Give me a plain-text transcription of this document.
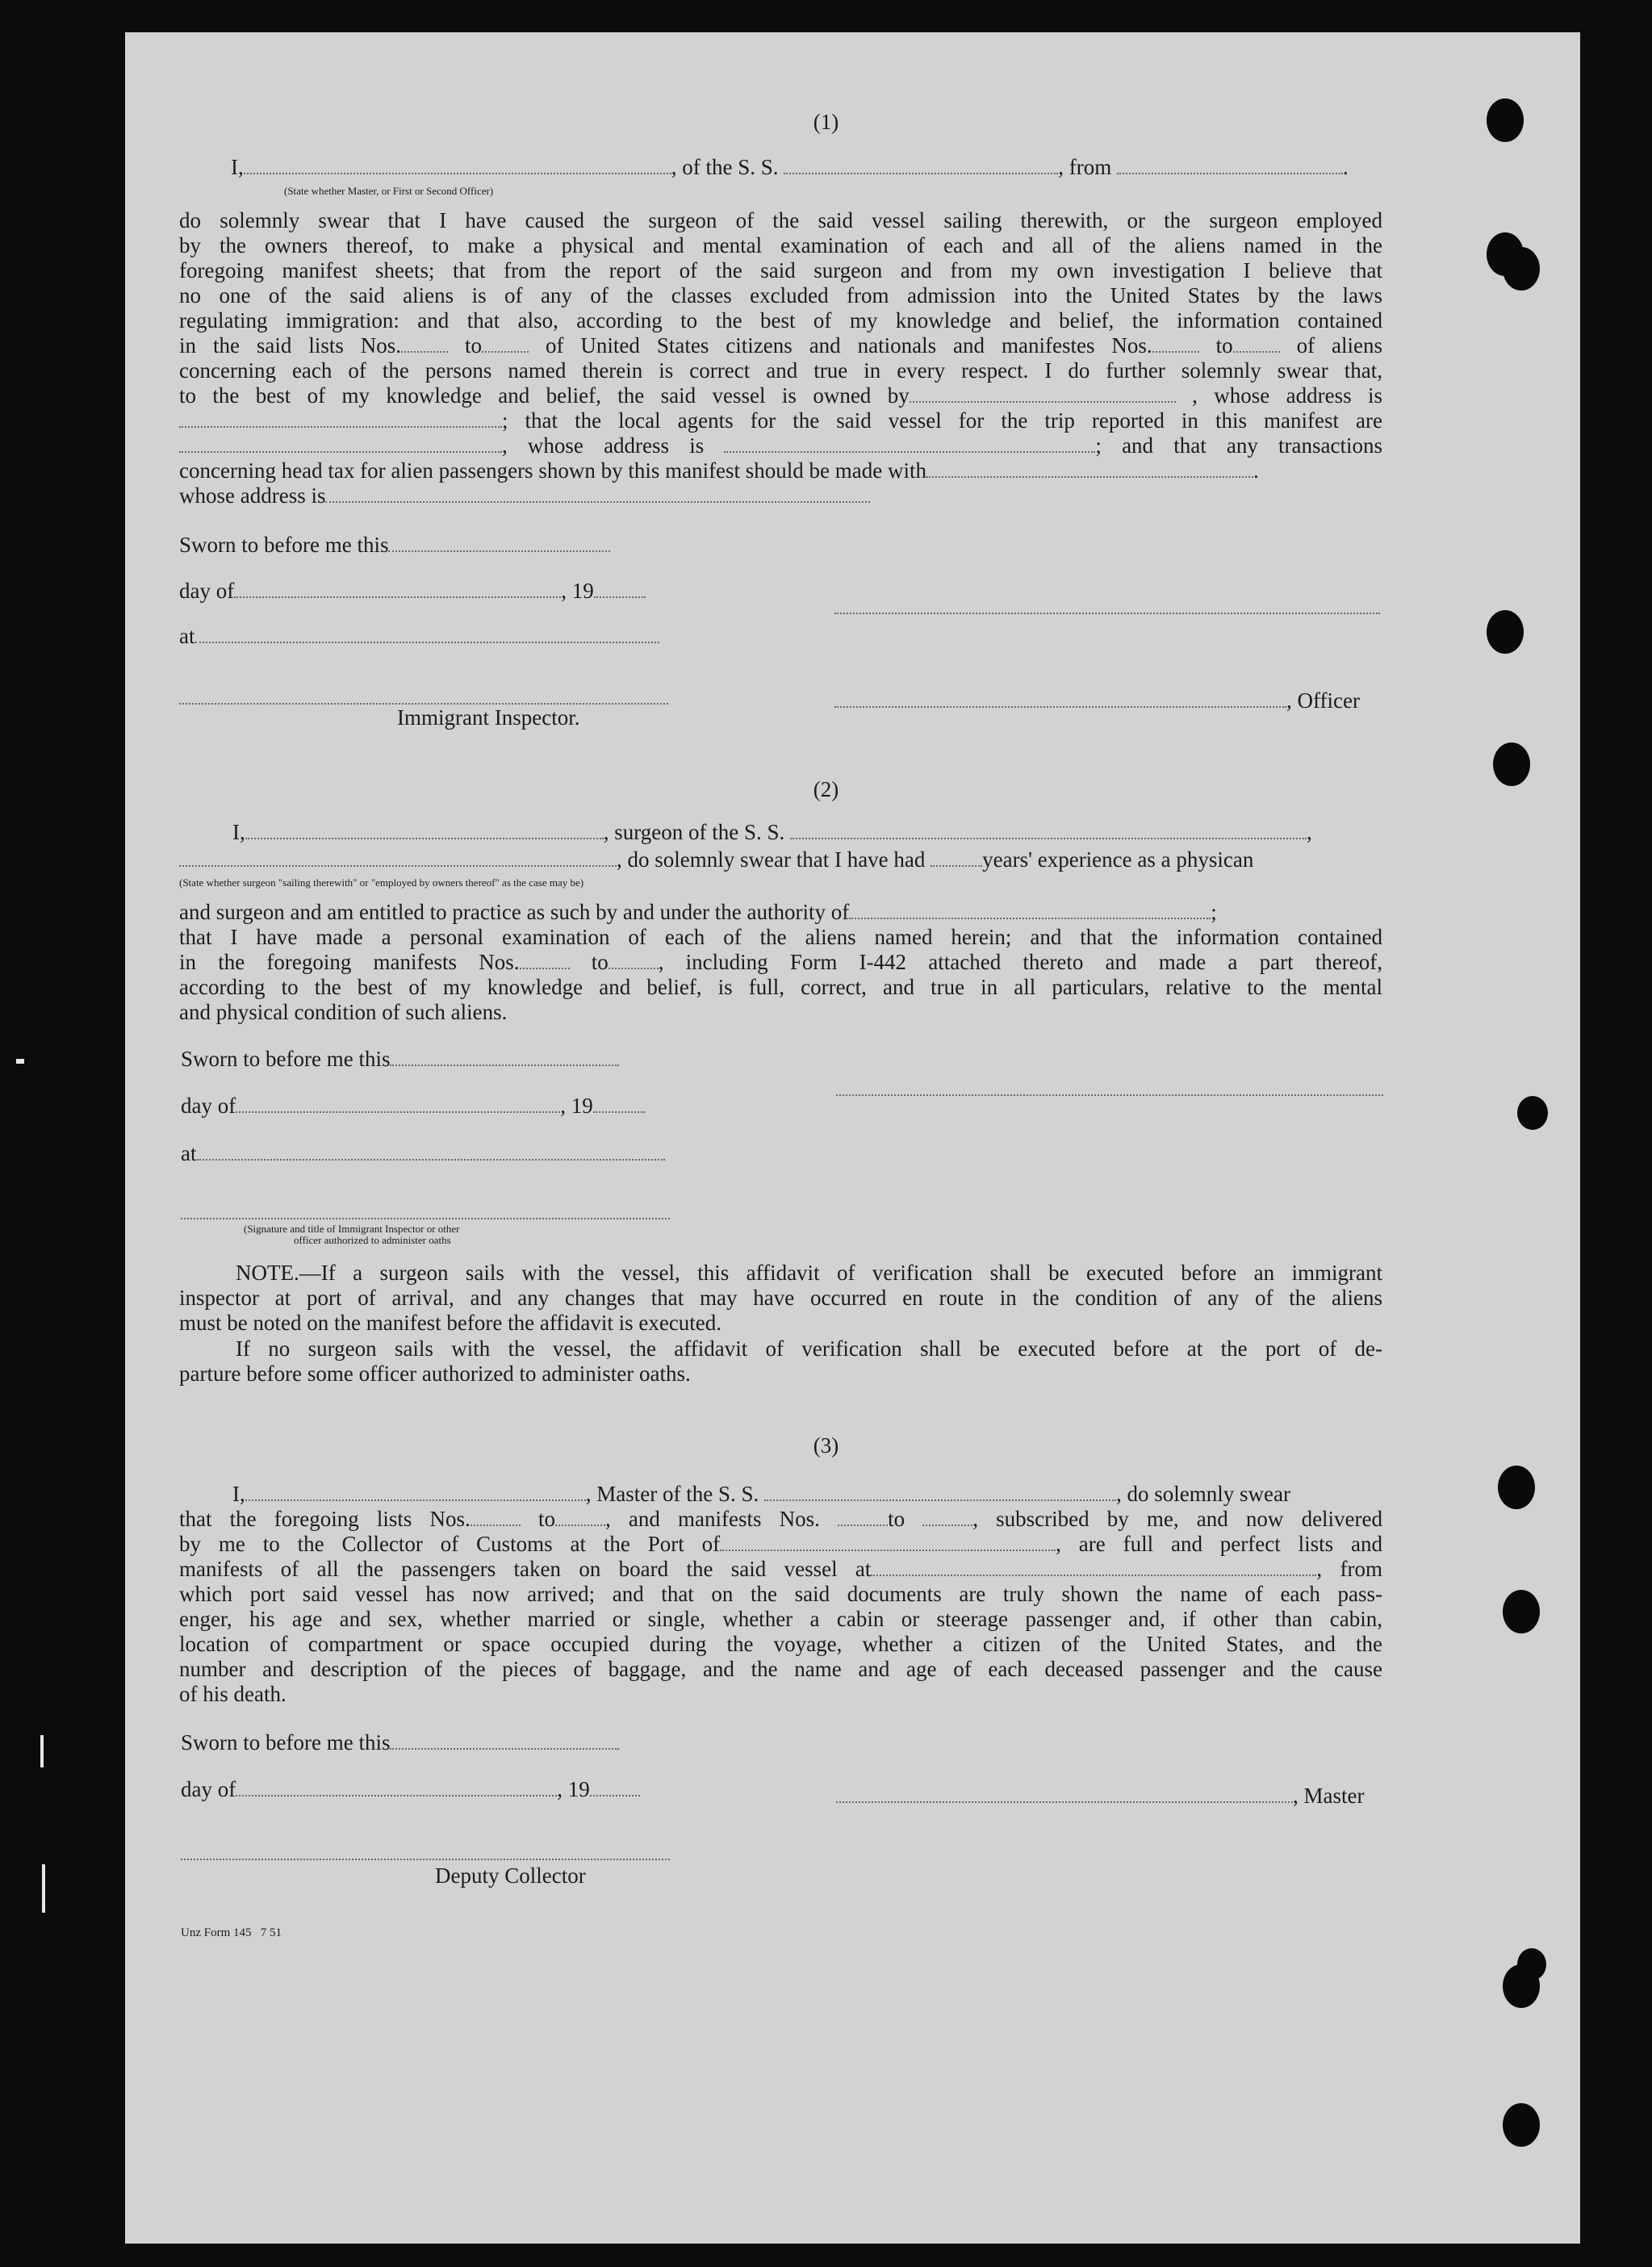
(1)
I,	, of the S. S.	, from	.
(State whether Master, or First or Second Officer)
do solemnly swear that I have caused the surgeon of the said vessel sailing therewith, or the surgeon employed
by the owners thereof, to make a physical and mental examination of each and all of the aliens named in the
foregoing manifest sheets; that from the report of the said surgeon and from my own investigation I believe that
no one of the said aliens is of any of the classes excluded from admission into the United States by the laws
regulating immigration: and that also, according to the best of my knowledge and belief, the information contained
in the said lists Nos.	to	of United States citizens and nationals and manifestes Nos.	to	of aliens
concerning each of the persons named therein is correct and true in every respect. I do further solemnly swear that,
to the best of my knowledge and belief, the said vessel is owned by	, whose address is
; that the local agents for the said vessel for the trip reported in this manifest are
, whose address is	; and that any transactions
concerning head tax for alien passengers shown by this manifest should be made with	.
whose address is
Sworn to before me this
day of	, 19
at
, Officer
Immigrant Inspector.
(2)
I,	, surgeon of the S. S.	,
, do solemnly swear that I have had	years' experience as a physican
(State whether surgeon "sailing therewith" or "employed by owners thereof" as the case may be)
and surgeon and am entitled to practice as such by and under the authority of	;
that I have made a personal examination of each of the aliens named herein; and that the information contained
in the foregoing manifests Nos.	to , including Form I-442 attached thereto and made a part thereof,
according to the best of my knowledge and belief, is full, correct, and true in all particulars, relative to the mental
and physical condition of such aliens.
Sworn to before me this
day of	, 19
at
(Signature and title of Immigrant Inspector or other
officer authorized to administer oaths
NOTE.—If a surgeon sails with the vessel, this affidavit of verification shall be executed before an immigrant
inspector at port of arrival, and any changes that may have occurred en route in the condition of any of the aliens
must be noted on the manifest before the affidavit is executed.
If no surgeon sails with the vessel, the affidavit of verification shall be executed before at the port of de-
parture before some officer authorized to administer oaths.
(3)
I,	, Master of the S. S.	, do solemnly swear
that the foregoing lists Nos.	to , and manifests Nos.	to	, subscribed by me, and now delivered
by me to the Collector of Customs at the Port of	, are full and perfect lists and
manifests of all the passengers taken on board the said vessel at	, from
which port said vessel has now arrived; and that on the said documents are truly shown the name of each pass-
enger, his age and sex, whether married or single, whether a cabin or steerage passenger and, if other than cabin,
location of compartment or space occupied during the voyage, whether a citizen of the United States, and the
number and description of the pieces of baggage, and the name and age of each deceased passenger and the cause
of his death.
Sworn to before me this
day of	, 19	, Master
Deputy Collector
Unz Form 145   7 51
